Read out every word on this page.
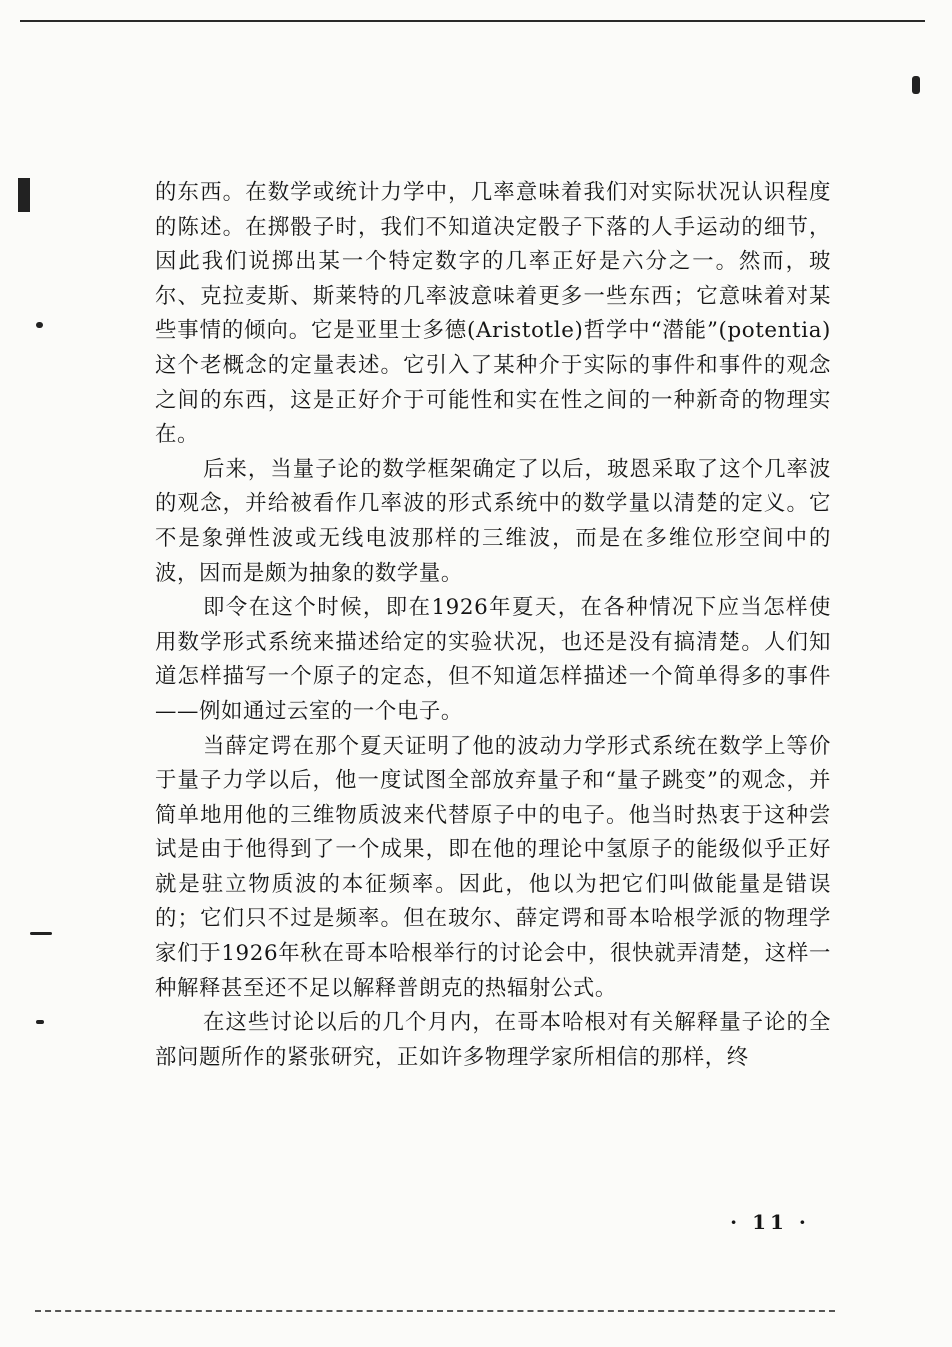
的东西。在数学或统计力学中，几率意味着我们对实际状况认识程度的陈述。在掷骰子时，我们不知道决定骰子下落的人手运动的细节，因此我们说掷出某一个特定数字的几率正好是六分之一。然而，玻尔、克拉麦斯、斯莱特的几率波意味着更多一些东西；它意味着对某些事情的倾向。它是亚里士多德(Aristotle)哲学中“潜能”(potentia)这个老概念的定量表述。它引入了某种介于实际的事件和事件的观念之间的东西，这是正好介于可能性和实在性之间的一种新奇的物理实在。

后来，当量子论的数学框架确定了以后，玻恩采取了这个几率波的观念，并给被看作几率波的形式系统中的数学量以清楚的定义。它不是象弹性波或无线电波那样的三维波，而是在多维位形空间中的波，因而是颇为抽象的数学量。

即令在这个时候，即在1926年夏天，在各种情况下应当怎样使用数学形式系统来描述给定的实验状况，也还是没有搞清楚。人们知道怎样描写一个原子的定态，但不知道怎样描述一个简单得多的事件——例如通过云室的一个电子。

当薛定谔在那个夏天证明了他的波动力学形式系统在数学上等价于量子力学以后，他一度试图全部放弃量子和“量子跳变”的观念，并简单地用他的三维物质波来代替原子中的电子。他当时热衷于这种尝试是由于他得到了一个成果，即在他的理论中氢原子的能级似乎正好就是驻立物质波的本征频率。因此，他以为把它们叫做能量是错误的；它们只不过是频率。但在玻尔、薛定谔和哥本哈根学派的物理学家们于1926年秋在哥本哈根举行的讨论会中，很快就弄清楚，这样一种解释甚至还不足以解释普朗克的热辐射公式。

在这些讨论以后的几个月内，在哥本哈根对有关解释量子论的全部问题所作的紧张研究，正如许多物理学家所相信的那样，终

· 11 ·
